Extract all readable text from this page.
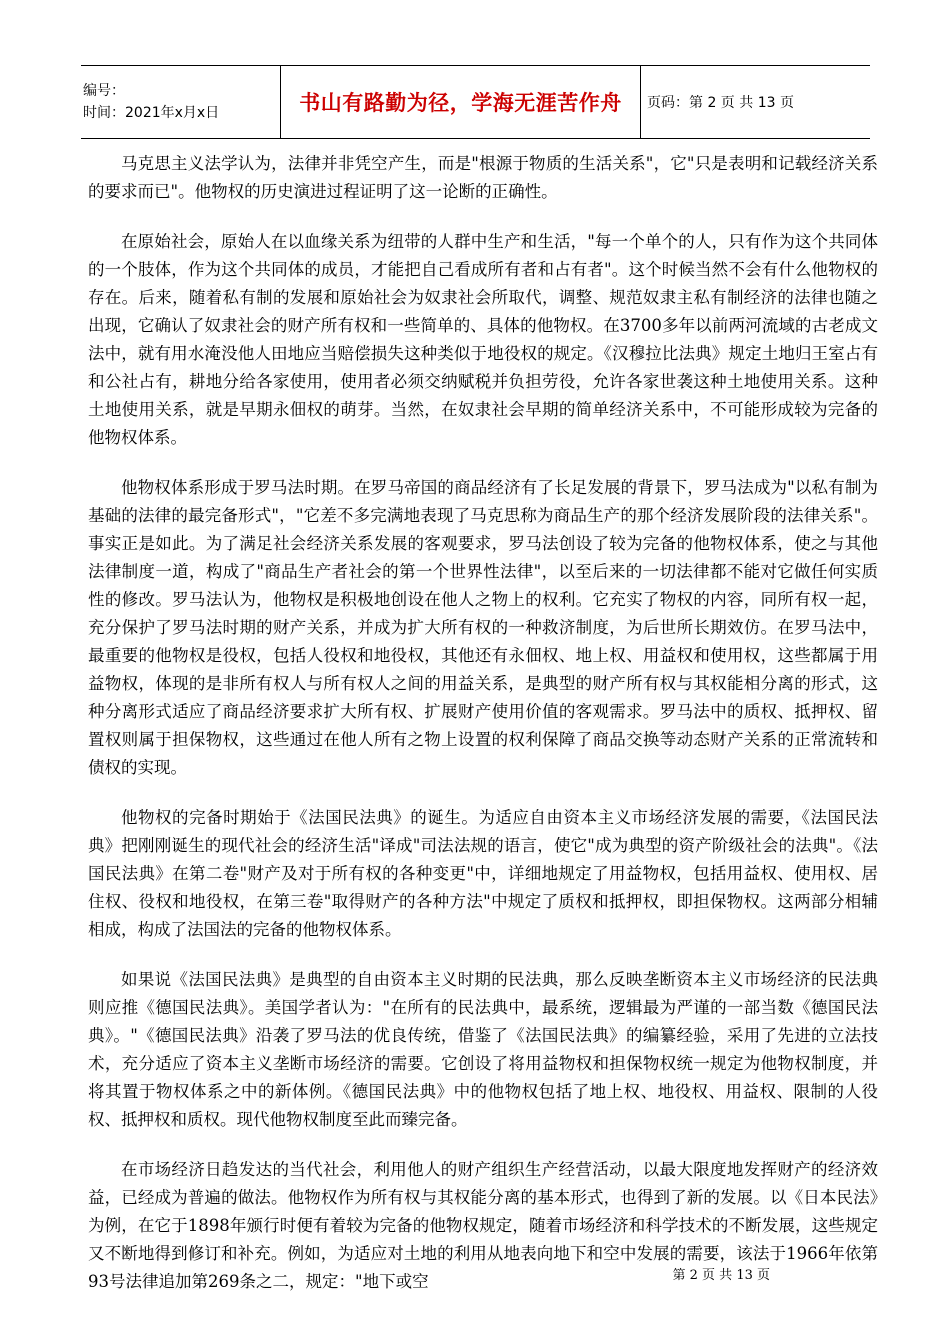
编号：
时间：2021年x月x日	书山有路勤为径，学海无涯苦作舟 页码：第 2 页 共 13 页

马克思主义法学认为，法律并非凭空产生，而是"根源于物质的生活关系"，它"只是表明和记载经济关系的要求而已"。他物权的历史演进过程证明了这一论断的正确性。

在原始社会，原始人在以血缘关系为纽带的人群中生产和生活，"每一个单个的人，只有作为这个共同体的一个肢体，作为这个共同体的成员，才能把自己看成所有者和占有者"。这个时候当然不会有什么他物权的存在。后来，随着私有制的发展和原始社会为奴隶社会所取代，调整、规范奴隶主私有制经济的法律也随之出现，它确认了奴隶社会的财产所有权和一些简单的、具体的他物权。在3700多年以前两河流域的古老成文法中，就有用水淹没他人田地应当赔偿损失这种类似于地役权的规定。《汉穆拉比法典》规定土地归王室占有和公社占有，耕地分给各家使用，使用者必须交纳赋税并负担劳役，允许各家世袭这种土地使用关系。这种土地使用关系，就是早期永佃权的萌芽。当然，在奴隶社会早期的简单经济关系中，不可能形成较为完备的他物权体系。

他物权体系形成于罗马法时期。在罗马帝国的商品经济有了长足发展的背景下，罗马法成为"以私有制为基础的法律的最完备形式"，"它差不多完满地表现了马克思称为商品生产的那个经济发展阶段的法律关系"。事实正是如此。为了满足社会经济关系发展的客观要求，罗马法创设了较为完备的他物权体系，使之与其他法律制度一道，构成了"商品生产者社会的第一个世界性法律"，以至后来的一切法律都不能对它做任何实质性的修改。罗马法认为，他物权是积极地创设在他人之物上的权利。它充实了物权的内容，同所有权一起，充分保护了罗马法时期的财产关系，并成为扩大所有权的一种救济制度，为后世所长期效仿。在罗马法中，最重要的他物权是役权，包括人役权和地役权，其他还有永佃权、地上权、用益权和使用权，这些都属于用益物权，体现的是非所有权人与所有权人之间的用益关系，是典型的财产所有权与其权能相分离的形式，这种分离形式适应了商品经济要求扩大所有权、扩展财产使用价值的客观需求。罗马法中的质权、抵押权、留置权则属于担保物权，这些通过在他人所有之物上设置的权利保障了商品交换等动态财产关系的正常流转和债权的实现。

他物权的完备时期始于《法国民法典》的诞生。为适应自由资本主义市场经济发展的需要，《法国民法典》把刚刚诞生的现代社会的经济生活"译成"司法法规的语言，使它"成为典型的资产阶级社会的法典"。《法国民法典》在第二卷"财产及对于所有权的各种变更"中，详细地规定了用益物权，包括用益权、使用权、居住权、役权和地役权，在第三卷"取得财产的各种方法"中规定了质权和抵押权，即担保物权。这两部分相辅相成，构成了法国法的完备的他物权体系。

如果说《法国民法典》是典型的自由资本主义时期的民法典，那么反映垄断资本主义市场经济的民法典则应推《德国民法典》。美国学者认为："在所有的民法典中，最系统，逻辑最为严谨的一部当数《德国民法典》。"《德国民法典》沿袭了罗马法的优良传统，借鉴了《法国民法典》的编纂经验，采用了先进的立法技术，充分适应了资本主义垄断市场经济的需要。它创设了将用益物权和担保物权统一规定为他物权制度，并将其置于物权体系之中的新体例。《德国民法典》中的他物权包括了地上权、地役权、用益权、限制的人役权、抵押权和质权。现代他物权制度至此而臻完备。

在市场经济日趋发达的当代社会，利用他人的财产组织生产经营活动，以最大限度地发挥财产的经济效益，已经成为普遍的做法。他物权作为所有权与其权能分离的基本形式，也得到了新的发展。以《日本民法》为例，在它于1898年颁行时便有着较为完备的他物权规定，随着市场经济和科学技术的不断发展，这些规定又不断地得到修订和补充。例如，为适应对土地的利用从地表向地下和空中发展的需要，该法于1966年依第93号法律追加第269条之二，规定："地下或空	第 2 页 共 13 页
